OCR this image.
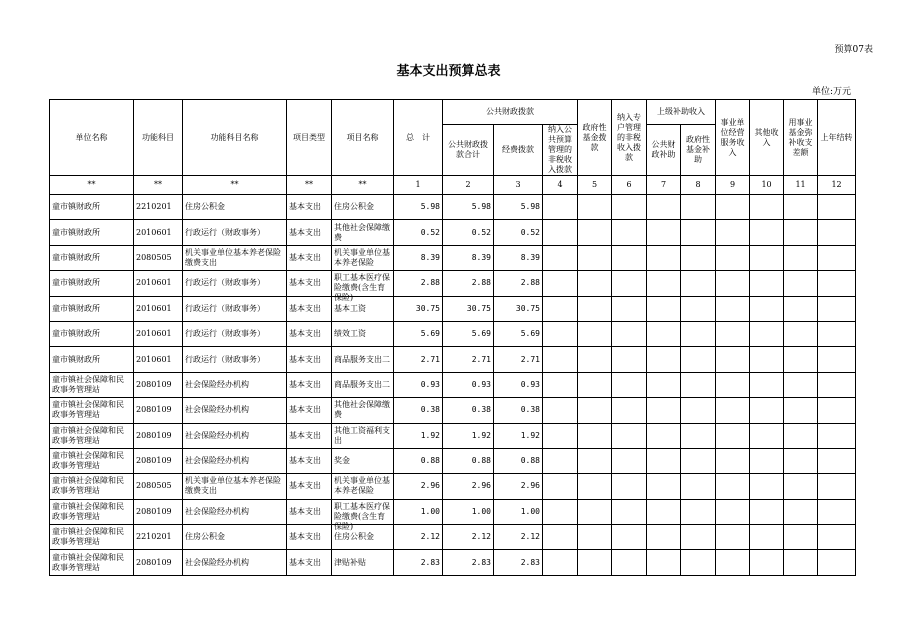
预算07表
基本支出预算总表
单位:万元
单位名称	功能科目	功能科目名称	项目类型	项目名称	总　计	公共财政拨款			政府性基金拨款	纳入专户管理的非税收入拨款	上级补助收入		事业单位经营服务收入	其他收入	用事业基金弥补收支差额	上年结转

						公共财政拨款合计	经费拨款	纳入公共预算管理的非税收入拨款			公共财政补助	政府性基金补助				

**	**	**	**	**	1	2	3	4	5	6	7	8	9	10	11	12

童市镇财政所	2210201	住房公积金	基本支出	住房公积金	5.98	5.98	5.98									

童市镇财政所	2010601	行政运行（财政事务）	基本支出	其他社会保障缴费	0.52	0.52	0.52									

童市镇财政所	2080505	机关事业单位基本养老保险缴费支出	基本支出	机关事业单位基本养老保险	8.39	8.39	8.39									

童市镇财政所	2010601	行政运行（财政事务）	基本支出	职工基本医疗保险缴费(含生育保险)	2.88	2.88	2.88									

童市镇财政所	2010601	行政运行（财政事务）	基本支出	基本工资	30.75	30.75	30.75									

童市镇财政所	2010601	行政运行（财政事务）	基本支出	绩效工资	5.69	5.69	5.69									

童市镇财政所	2010601	行政运行（财政事务）	基本支出	商品服务支出二	2.71	2.71	2.71									

童市镇社会保障和民政事务管理站	2080109	社会保险经办机构	基本支出	商品服务支出二	0.93	0.93	0.93									

童市镇社会保障和民政事务管理站	2080109	社会保险经办机构	基本支出	其他社会保障缴费	0.38	0.38	0.38									

童市镇社会保障和民政事务管理站	2080109	社会保险经办机构	基本支出	其他工资福利支出	1.92	1.92	1.92									

童市镇社会保障和民政事务管理站	2080109	社会保险经办机构	基本支出	奖金	0.88	0.88	0.88									

童市镇社会保障和民政事务管理站	2080505	机关事业单位基本养老保险缴费支出	基本支出	机关事业单位基本养老保险	2.96	2.96	2.96									

童市镇社会保障和民政事务管理站	2080109	社会保险经办机构	基本支出	职工基本医疗保险缴费(含生育保险)	1.00	1.00	1.00									

童市镇社会保障和民政事务管理站	2210201	住房公积金	基本支出	住房公积金	2.12	2.12	2.12									

童市镇社会保障和民政事务管理站	2080109	社会保险经办机构	基本支出	津贴补贴	2.83	2.83	2.83									
